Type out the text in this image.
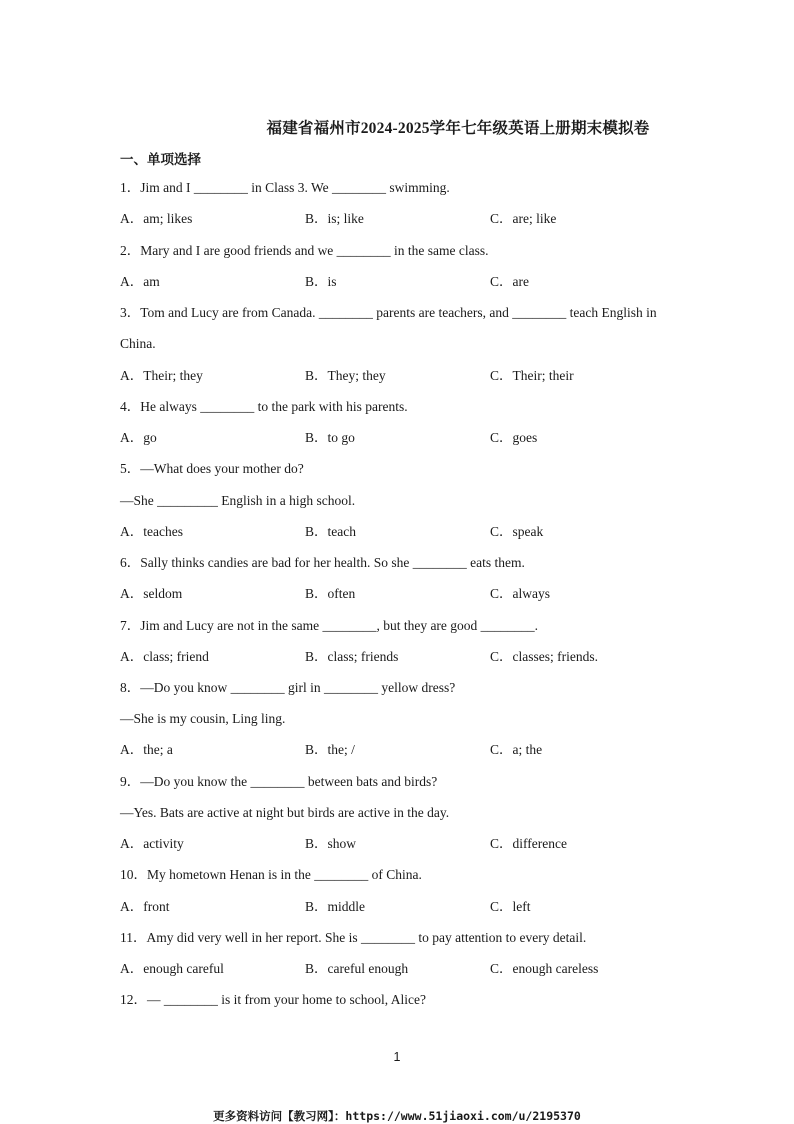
福建省福州市2024-2025学年七年级英语上册期末模拟卷
一、单项选择
1．Jim and I ________ in Class 3. We ________ swimming.
A．am; likes	B．is; like	C．are; like
2．Mary and I are good friends and we ________ in the same class.
A．am	B．is	C．are
3．Tom and Lucy are from Canada. ________ parents are teachers, and ________ teach English in
China.
A．Their; they	B．They; they	C．Their; their
4．He always ________ to the park with his parents.
A．go	B．to go	C．goes
5．—What does your mother do?
—She _________ English in a high school.
A．teaches	B．teach	C．speak
6．Sally thinks candies are bad for her health. So she ________ eats them.
A．seldom	B．often	C．always
7．Jim and Lucy are not in the same ________, but they are good ________.
A．class; friend	B．class; friends	C．classes; friends.
8．—Do you know ________ girl in ________ yellow dress?
—She is my cousin, Ling ling.
A．the; a	B．the; /	C．a; the
9．—Do you know the ________ between bats and birds?
—Yes. Bats are active at night but birds are active in the day.
A．activity	B．show	C．difference
10．My hometown Henan is in the ________ of China.
A．front	B．middle	C．left
11．Amy did very well in her report. She is ________ to pay attention to every detail.
A．enough careful	B．careful enough	C．enough careless
12．— ________ is it from your home to school, Alice?
1
更多资料访问【教习网】：https://www.51jiaoxi.com/u/2195370
